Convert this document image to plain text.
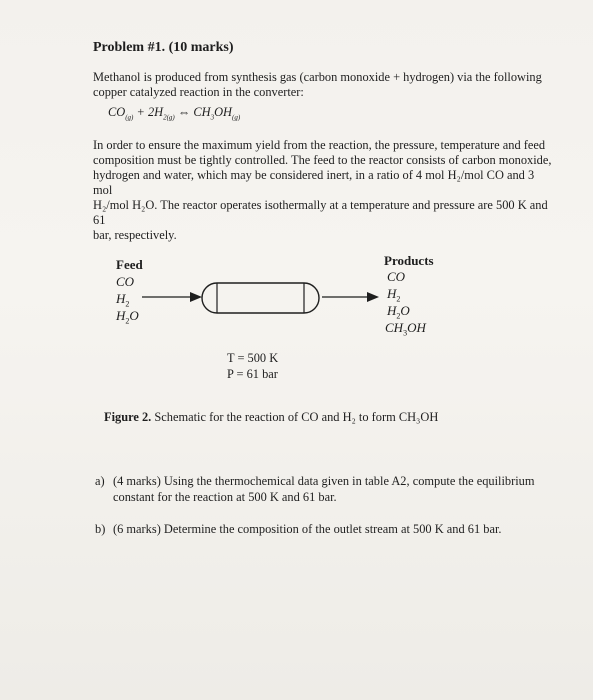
Problem #1. (10 marks)
Methanol is produced from synthesis gas (carbon monoxide + hydrogen) via the following
copper catalyzed reaction in the converter:
$CO_{(g)} + 2H_{2(g)}$ ⇔ $CH_3OH_{(g)}$
In order to ensure the maximum yield from the reaction, the pressure, temperature and feed
composition must be tightly controlled. The feed to the reactor consists of carbon monoxide,
hydrogen and water, which may be considered inert, in a ratio of 4 mol H₂/mol CO and 3 mol
H₂/mol H₂O. The reactor operates isothermally at a temperature and pressure are 500 K and 61
bar, respectively.
Feed
CO
$H_2$
$H_2O$
Products
CO
$H_2$
$H_2O$
$CH_3OH$
T = 500 K
P = 61 bar
Figure 2. Schematic for the reaction of CO and H₂ to form CH₃OH
a) (4 marks) Using the thermochemical data given in table A2, compute the equilibrium
constant for the reaction at 500 K and 61 bar.
b) (6 marks) Determine the composition of the outlet stream at 500 K and 61 bar.
